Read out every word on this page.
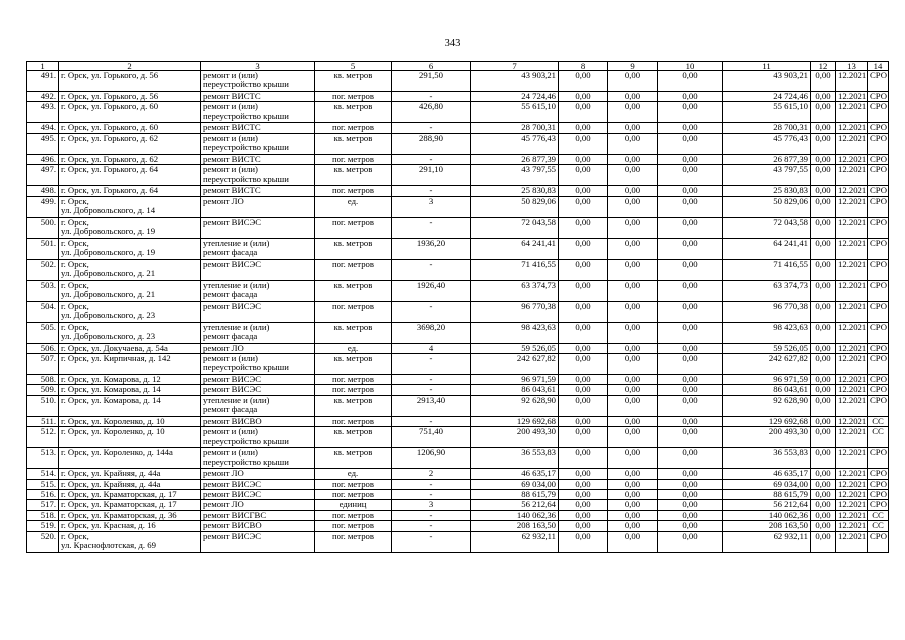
343
1	2	3	5	6	7	8	9	10	11	12	13	14
491.	г. Орск, ул. Горького, д. 56	ремонт и (или)
переустройство крыши	кв. метров	291,50	43 903,21	0,00	0,00	0,00	43 903,21	0,00	12.2021	СРО
492.	г. Орск, ул. Горького, д. 56	ремонт ВИСТС	пог. метров	-	24 724,46	0,00	0,00	0,00	24 724,46	0,00	12.2021	СРО
493.	г. Орск, ул. Горького, д. 60	ремонт и (или)
переустройство крыши	кв. метров	426,80	55 615,10	0,00	0,00	0,00	55 615,10	0,00	12.2021	СРО
494.	г. Орск, ул. Горького, д. 60	ремонт ВИСТС	пог. метров	-	28 700,31	0,00	0,00	0,00	28 700,31	0,00	12.2021	СРО
495.	г. Орск, ул. Горького, д. 62	ремонт и (или)
переустройство крыши	кв. метров	288,90	45 776,43	0,00	0,00	0,00	45 776,43	0,00	12.2021	СРО
496.	г. Орск, ул. Горького, д. 62	ремонт ВИСТС	пог. метров	-	26 877,39	0,00	0,00	0,00	26 877,39	0,00	12.2021	СРО
497.	г. Орск, ул. Горького, д. 64	ремонт и (или)
переустройство крыши	кв. метров	291,10	43 797,55	0,00	0,00	0,00	43 797,55	0,00	12.2021	СРО
498.	г. Орск, ул. Горького, д. 64	ремонт ВИСТС	пог. метров	-	25 830,83	0,00	0,00	0,00	25 830,83	0,00	12.2021	СРО
499.	г. Орск,
ул. Добровольского, д. 14	ремонт ЛО	ед.	3	50 829,06	0,00	0,00	0,00	50 829,06	0,00	12.2021	СРО
500.	г. Орск,
ул. Добровольского, д. 19	ремонт ВИСЭС	пог. метров	-	72 043,58	0,00	0,00	0,00	72 043,58	0,00	12.2021	СРО
501.	г. Орск,
ул. Добровольского, д. 19	утепление и (или)
ремонт фасада	кв. метров	1936,20	64 241,41	0,00	0,00	0,00	64 241,41	0,00	12.2021	СРО
502.	г. Орск,
ул. Добровольского, д. 21	ремонт ВИСЭС	пог. метров	-	71 416,55	0,00	0,00	0,00	71 416,55	0,00	12.2021	СРО
503.	г. Орск,
ул. Добровольского, д. 21	утепление и (или)
ремонт фасада	кв. метров	1926,40	63 374,73	0,00	0,00	0,00	63 374,73	0,00	12.2021	СРО
504.	г. Орск,
ул. Добровольского, д. 23	ремонт ВИСЭС	пог. метров	-	96 770,38	0,00	0,00	0,00	96 770,38	0,00	12.2021	СРО
505.	г. Орск,
ул. Добровольского, д. 23	утепление и (или)
ремонт фасада	кв. метров	3698,20	98 423,63	0,00	0,00	0,00	98 423,63	0,00	12.2021	СРО
506.	г. Орск, ул. Докучаева, д. 54а	ремонт ЛО	ед.	4	59 526,05	0,00	0,00	0,00	59 526,05	0,00	12.2021	СРО
507.	г. Орск, ул. Кирпичная, д. 142	ремонт и (или)
переустройство крыши	кв. метров	-	242 627,82	0,00	0,00	0,00	242 627,82	0,00	12.2021	СРО
508.	г. Орск, ул. Комарова, д. 12	ремонт ВИСЭС	пог. метров	-	96 971,59	0,00	0,00	0,00	96 971,59	0,00	12.2021	СРО
509.	г. Орск, ул. Комарова, д. 14	ремонт ВИСЭС	пог. метров	-	86 043,61	0,00	0,00	0,00	86 043,61	0,00	12.2021	СРО
510.	г. Орск, ул. Комарова, д. 14	утепление и (или)
ремонт фасада	кв. метров	2913,40	92 628,90	0,00	0,00	0,00	92 628,90	0,00	12.2021	СРО
511.	г. Орск, ул. Короленко, д. 10	ремонт ВИСВО	пог. метров	-	129 692,68	0,00	0,00	0,00	129 692,68	0,00	12.2021	СС
512.	г. Орск, ул. Короленко, д. 10	ремонт и (или)
переустройство крыши	кв. метров	751,40	200 493,30	0,00	0,00	0,00	200 493,30	0,00	12.2021	СС
513.	г. Орск, ул. Короленко, д. 144а	ремонт и (или)
переустройство крыши	кв. метров	1206,90	36 553,83	0,00	0,00	0,00	36 553,83	0,00	12.2021	СРО
514.	г. Орск, ул. Крайняя, д. 44а	ремонт ЛО	ед.	2	46 635,17	0,00	0,00	0,00	46 635,17	0,00	12.2021	СРО
515.	г. Орск, ул. Крайняя, д. 44а	ремонт ВИСЭС	пог. метров	-	69 034,00	0,00	0,00	0,00	69 034,00	0,00	12.2021	СРО
516.	г. Орск, ул. Краматорская, д. 17	ремонт ВИСЭС	пог. метров	-	88 615,79	0,00	0,00	0,00	88 615,79	0,00	12.2021	СРО
517.	г. Орск, ул. Краматорская, д. 17	ремонт ЛО	единиц	3	56 212,64	0,00	0,00	0,00	56 212,64	0,00	12.2021	СРО
518.	г. Орск, ул. Краматорская, д. 36	ремонт ВИСГВС	пог. метров	-	140 062,36	0,00	0,00	0,00	140 062,36	0,00	12.2021	СС
519.	г. Орск, ул. Красная, д. 16	ремонт ВИСВО	пог. метров	-	208 163,50	0,00	0,00	0,00	208 163,50	0,00	12.2021	СС
520.	г. Орск,
ул. Краснофлотская, д. 69	ремонт ВИСЭС	пог. метров	-	62 932,11	0,00	0,00	0,00	62 932,11	0,00	12.2021	СРО
